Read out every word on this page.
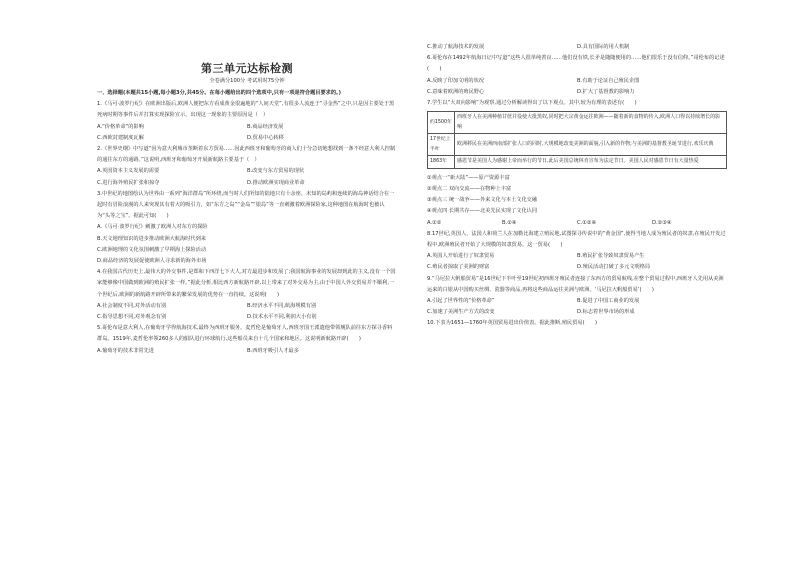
第三单元达标检测
全卷满分100分 考试用时75分钟
一、选择题(本题共15小题,每小题3分,共45分。在每小题给出的四个选项中,只有一项是符合题目要求的。)
1.《马可·波罗行纪》在欧洲出版后,欧洲人便把东方看成黄金很遍地的“人间天堂”,有很多人流连于“寻金热”之中,只是因主要处于黑死病时期等事件后并打算实现探险宣示。出现这一现象的主要原因是（　）
A.“价格革命”的影响	B.商品经济发展
C.西欧封建制度瓦解	D.贸易中心转移
2.《世界史纲》中写道“因为意大利城市垄断着东方贸易……因此西班牙和葡萄牙的商人们十分急切地想找到一条不经意大利人控制的通往东方的通路。”这说明,西班牙和葡萄牙开展新航路主要基于（　）
A.英国资本主义发展的需要	B.改变与东方贸易的现状
C.进行海外殖民扩张和掠夺	D.推动欧洲实现商业革命
3.中世纪的地图绘认为世界由一系列“海洋群岛”所环绕,而当时人们所知的陆地只有十余座。未知的岛屿和连续的海岛神话结合在一起时有冒险浪漫的人来突现其有着大的吸引力，如“东方之岛”“金岛”“银岛”等一直刺激着欧洲探险家,这种地图在航海时也被认为“头等之宝”。据此可知(　　)
A.《马可·波罗行纪》刺激了欧洲人对东方的探险
B.天文地理知识的进步推动欧洲大航海时代到来
C.欧洲地理的文化氛围刺激了早期海上探险活动
D.商品经济的发展促使欧洲人寻求新的海外市场
4.在我国古代历史上,最伟大的外交事件,是郑和下西洋七下大人,对方最进步和发展了;我国航海事业的发展却到此的主义,没有一个国家能够像中国做到欧洲的殖民扩张一样。”据此分析,相比西方新航路开辟,以上带来了对外交易为主,由于中国人外交贸易并不顺利,一个世纪后,欧洲的新航路开辟所带来的繁荣发展的优势在一直持续。这说明(　　)
A.社会制度不同,对外活动有别	B.经济水平不同,航海规模有别
C.指导思想不同,对外观念有别	D.技术水平不同,利润大小有别
5.哥伦布是意大利人,在葡萄牙学得航海技术,最终为西班牙服务。麦哲伦是葡萄牙人,西班牙国王派遣他带领舰队前往东方探寻香料群岛。1519年,麦哲伦率领260多人的船队进行环球航行,这些船员来自十几个国家和地区。这说明新航路开辟(　　)
A.葡萄牙的技术非常先进	B.西班牙吸引人才最多
C.推动了航海技术的发展	D.具有国际的用人机制
6.哥伦布在1492年航海日记中写道“这些人很单纯善良……他们没有铁,长矛是随随便用的……他们很乐于没有信仰。”哥伦布的记述(　　)
A.反映了印加文明的状况	B.有助于论证自己殖民企图
C.意味着欧洲的殖民野心	D.扩大了基督教的影响力
7.学生以“大双向影响”为观察,通过分析解读得出了以下观点。其中,较为有理的表述有(　　)
约1500年	西班牙人在美洲种植甘蔗并役使大批黑奴,同时把大宗黄金运往欧洲——随着新的食物的传入,欧洲人口得以持续增长的影响
17世纪上半叶	欧洲移民在美洲西南部扩张人口的同时,大规模地改变美洲的面貌,引入新的作物;与美洲的基督教圣诞节进行,欢乐庆典
1863年	感恩节是美国人为感谢上帝而举行的节日,此后美国总统林肯宣布为法定节日。美国人民对感恩节日有大量热爱
①观点一“新大陆”——原产资源丰富
②观点二 双向交流——在物种上丰富
③观点三 统一战争——外来文化与本土文化交融
④观点四 长期共存——北美先民实现了文化认同
A.①②	B.②④	C.①②④	D.②③④
8.17世纪,英国人、法国人和荷兰人在加勒比海建立殖民地,试图探寻传说中的“黄金国”,使得当地人成为殖民者的奴隶,在殖民开发过程中,欧洲殖民者开始了大规模的奴隶贸易。这一贸易(　　)
A.英国人开始进行了奴隶贸易	B.殖民扩张导致奴隶贸易产生
C.殖民者掠取了美洲的财富	D.殖民活动打破了多元文明格局
9.“马尼拉大帆船贸易”是16世纪下半叶至19世纪初西班牙殖民者连接了东西方的贸易航线,在整个贸易过程中,西班牙人先用从美洲运来的白银从中国购买丝绸、瓷器等商品,再将这些商品运往美洲与欧洲。‘马尼拉大帆船贸易’(　　)
A.引起了世界性的“价格革命”	B.促进了中国工商业的发展
C.加速了美洲生产方式的改变	D.标志着世界市场的形成
10.下表为1651—1760年英国贸易进出价值表。据此推断,殖民贸易(　　)
